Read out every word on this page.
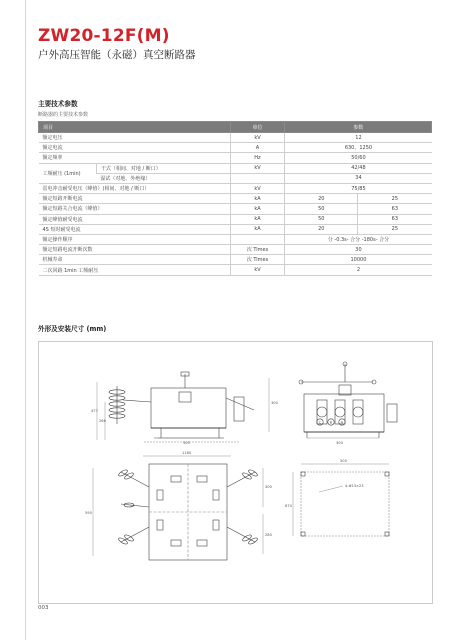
ZW20-12F(M)
户外高压智能（永磁）真空断路器
主要技术参数
断路器的主要技术参数
项目		单位	参数	
额定电压		kV	12	
额定电流		A	630、1250	
额定频率		Hz	50/60	
工频耐压 (1min)	干式（相间、对地 / 断口）	kV	42/48	
	湿试（对地、外绝缘）		34	
雷电冲击耐受电压（峰值）(相间、对地 / 断口）		kV	75/85	
额定短路开断电流		kA	20	25
额定短路关合电流（峰值）		kA	50	63
额定峰值耐受电流		kA	50	63
4S 短时耐受电流		kA	20	25
额定操作顺序			分 -0.3s- 合分 -180s- 合分	
额定短路电流开断次数		次 Times	30	
机械寿命		次 Times	10000	
二次回路 1min 工频耐压		kV	2	
外形及安装尺寸 (mm)
477
266
505
300
C B A
300
1180
590
300
280
500
870
4-Φ13×23
003
